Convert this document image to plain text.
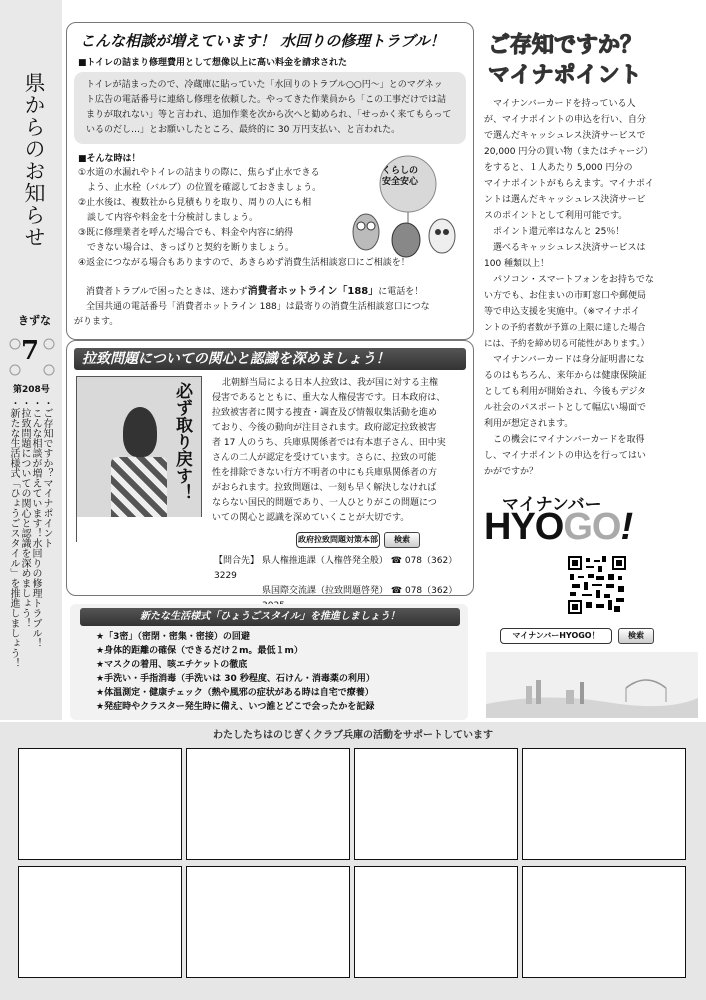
県からのお知らせ
きずな
7
第208号
・ご存知ですか？マイナポイント
・こんな相談が増えています！水回りの修理トラブル！
・拉致問題についての関心と認識を深めましょう！
・新たな生活様式「ひょうごスタイル」を推進しましょう！
こんな相談が増えています！ 水回りの修理トラブル！
■トイレの詰まり修理費用として想像以上に高い料金を請求された
トイレが詰まったので、冷蔵庫に貼っていた「水回りのトラブル○○円～」とのマグネッ
ト広告の電話番号に連絡し修理を依頼した。やってきた作業員から「この工事だけでは詰
まりが取れない」等と言われ、追加作業を次から次へと勧められ、「せっかく来てもらって
いるのだし…」とお願いしたところ、最終的に 30 万円支払い、と言われた。
■そんな時は！
①水道の水漏れやトイレの詰まりの際に、焦らず止水できる
　よう、止水栓（バルブ）の位置を確認しておきましょう。
②止水後は、複数社から見積もりを取り、周りの人にも相
　談して内容や料金を十分検討しましょう。
③既に修理業者を呼んだ場合でも、料金や内容に納得
　できない場合は、きっぱりと契約を断りましょう。
④返金につながる場合もありますので、あきらめず消費生活相談窓口にご相談を！
くらしの
安全安心
消費者トラブルで困ったときは、迷わず消費者ホットライン「188」に電話を！
全国共通の電話番号「消費者ホットライン 188」は最寄りの消費生活相談窓口につな
がります。
拉致問題についての関心と認識を深めましょう！
必ず取り戻す！	北朝鮮当局による日本人拉致は、我が国に対する主権
侵害であるとともに、重大な人権侵害です。日本政府は、
拉致被害者に関する捜査・調査及び情報収集活動を進め
ており、今後の動向が注目されます。政府認定拉致被害
者 17 人のうち、兵庫県関係者では有本恵子さん、田中実
さんの二人が認定を受けています。さらに、拉致の可能
性を排除できない行方不明者の中にも兵庫県関係者の方
がおられます。拉致問題は、一刻も早く解決しなければ
ならない国民的問題であり、一人ひとりがこの問題につ
いての関心と認識を深めていくことが大切です。
政府拉致問題対策本部	検索
【問合先】 県人権推進課（人権啓発全般） ☎ 078（362）3229
県国際交流課（拉致問題啓発） ☎ 078（362）
新たな生活様式「ひょうごスタイル」を推進しましょう！
★「3密」（密閉・密集・密接）の回避
★身体的距離の確保（できるだけ２m。最低１m）
★マスクの着用、咳エチケットの徹底
★手洗い・手指消毒（手洗いは 30 秒程度、石けん・消毒薬の利用）
★体温測定・健康チェック（熱や風邪の症状がある時は自宅で療養）
★発症時やクラスター発生時に備え、いつ誰とどこで会ったかを記録
ご存知ですか？
マイナポイント
　マイナンバーカードを持っている人
が、マイナポイントの申込を行い、自分
で選んだキャッシュレス決済サービスで
20,000 円分の買い物（またはチャージ）
をすると、１人あたり 5,000 円分の
マイナポイントがもらえます。マイナポイ
ントは選んだキャッシュレス決済サービ
スのポイントとして利用可能です。
　ポイント還元率はなんと 25％！
　選べるキャッシュレス決済サービスは
100 種類以上！
　パソコン・スマートフォンをお持ちでな
い方でも、お住まいの市町窓口や郵便局
等で申込支援を実施中。（※マイナポイ
ントの予約者数が予算の上限に達した場合
には、予約を締め切る可能性があります。）
　マイナンバーカードは身分証明書にな
るのはもちろん、来年からは健康保険証
としても利用が開始され、今後もデジタ
ル社会のパスポートとして幅広い場面で
利用が想定されます。
　この機会にマイナンバーカードを取得
し、マイナポイントの申込を行ってはい
かがですか？
マイナンバー
HYOGO!
マイナンバーHYOGO！	検索
わたしたちはのじぎくクラブ兵庫の活動をサポートしています
